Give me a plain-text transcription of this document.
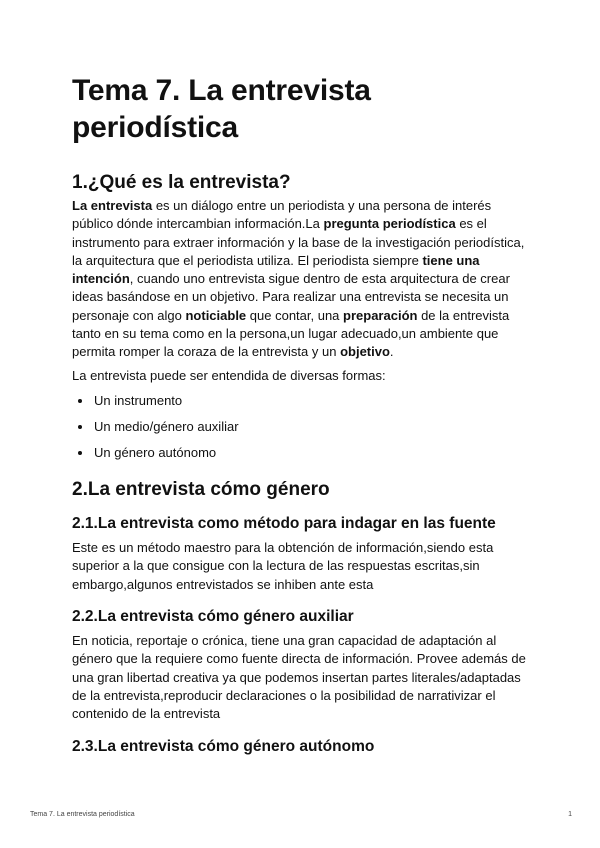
Tema 7. La entrevista periodística
1.¿Qué es la entrevista?

La entrevista es un diálogo entre un periodista y una persona de interés público dónde intercambian información.La pregunta periodística es el instrumento para extraer información y la base de la investigación periodística, la arquitectura que el periodista utiliza. El periodista siempre tiene una intención, cuando uno entrevista sigue dentro de esta arquitectura de crear ideas basándose en un objetivo. Para realizar una entrevista se necesita un personaje con algo noticiable que contar, una preparación de la entrevista tanto en su tema como en la persona,un lugar adecuado,un ambiente que permita romper la coraza de la entrevista y un objetivo.

La entrevista puede ser entendida de diversas formas:

Un instrumento
Un medio/género auxiliar
Un género autónomo
2.La entrevista cómo género
2.1.La entrevista como método para indagar en las fuente

Este es un método maestro para la obtención de información,siendo esta superior a la que consigue con la lectura de las respuestas escritas,sin embargo,algunos entrevistados se inhiben ante esta

2.2.La entrevista cómo género auxiliar

En noticia, reportaje o crónica, tiene una gran capacidad de adaptación al género que la requiere como fuente directa de información. Provee además de una gran libertad creativa ya que podemos insertan partes literales/adaptadas de la entrevista,reproducir declaraciones o la posibilidad de narrativizar el contenido de la entrevista

2.3.La entrevista cómo género autónomo
Tema 7. La entrevista periodística	1
